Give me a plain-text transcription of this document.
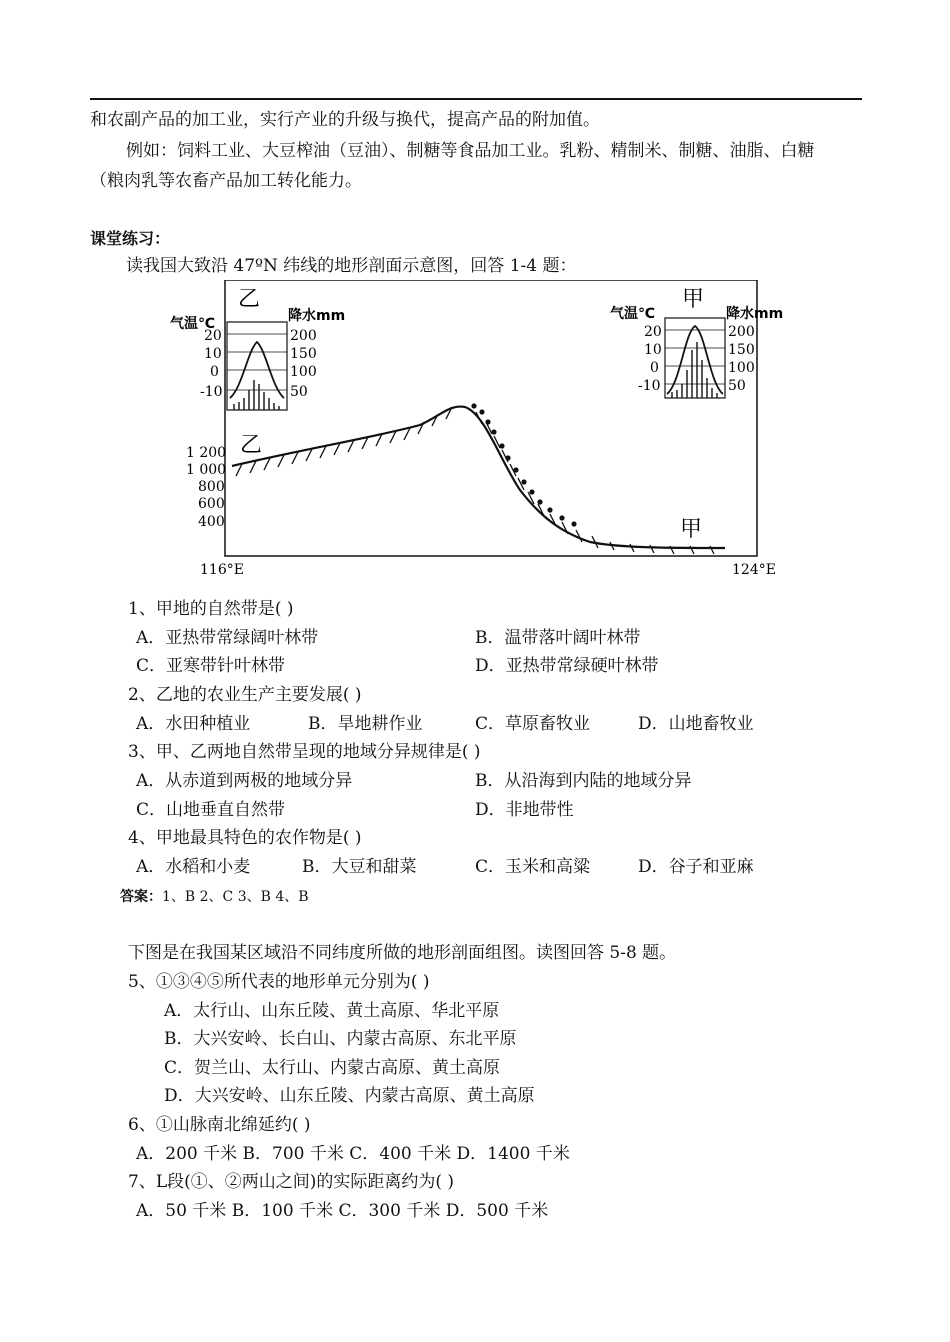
和农副产品的加工业，实行产业的升级与换代，提高产品的附加值。
例如：饲料工业、大豆榨油（豆油）、制糖等食品加工业。乳粉、精制米、制糖、油脂、白糖
（粮肉乳等农畜产品加工转化能力。
课堂练习：
读我国大致沿 47ºN 纬线的地形剖面示意图，回答 1-4 题：
乙
气温℃	降水mm
20
10
0
-10
200
150
100
50
甲
气温℃	降水mm
20
10
0
-10
200
150
100
50
1 200
1 000
800
600
400
乙
甲
116°E	124°E
1、甲地的自然带是( )
A．亚热带常绿阔叶林带	B．温带落叶阔叶林带
C．亚寒带针叶林带	D．亚热带常绿硬叶林带
2、乙地的农业生产主要发展( )
A．水田种植业	B．旱地耕作业	C．草原畜牧业	D．山地畜牧业
3、甲、乙两地自然带呈现的地域分异规律是( )
A．从赤道到两极的地域分异	B．从沿海到内陆的地域分异
C．山地垂直自然带	D．非地带性
4、甲地最具特色的农作物是( )
A．水稻和小麦	B．大豆和甜菜	C．玉米和高粱	D．谷子和亚麻
答案：1、B 2、C 3、B 4、B
下图是在我国某区域沿不同纬度所做的地形剖面组图。读图回答 5-8 题。
5、①③④⑤所代表的地形单元分别为( )
A．太行山、山东丘陵、黄土高原、华北平原
B．大兴安岭、长白山、内蒙古高原、东北平原
C．贺兰山、太行山、内蒙古高原、黄土高原
D．大兴安岭、山东丘陵、内蒙古高原、黄土高原
6、①山脉南北绵延约( )
A．200 千米 B．700 千米 C．400 千米 D．1400 千米
7、L段(①、②两山之间)的实际距离约为( )
A．50 千米 B．100 千米 C．300 千米 D．500 千米
